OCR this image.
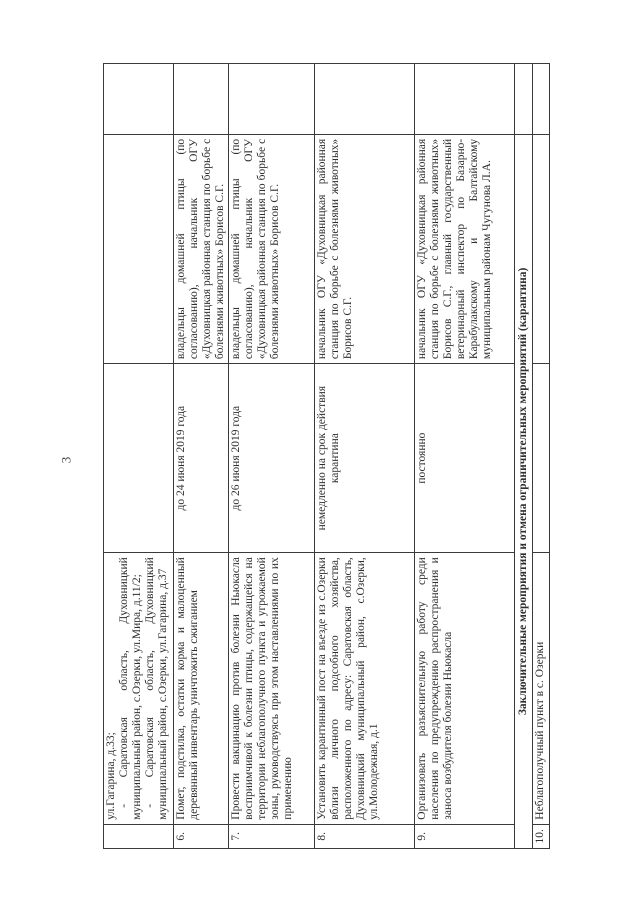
3

	ул.Гагарина, д.33; - Саратовская область, Духовницкий муниципальный район, с.Озерки, ул.Мира, д.11/2; - Саратовская область, Духовницкий муниципальный район, с.Озерки, ул.Гагарина, д.37			

6.	Помет, подстилка, остатки корма и малоценный деревянный инвентарь уничтожить сжиганием	до 24 июня 2019 года	владельцы домашней птицы (по согласованию), начальник ОГУ «Духовницкая районная станция по борьбе с болезнями животных» Борисов С.Г.	
7.	Провести вакцинацию против болезни Ньюкасла восприимчивой к болезни птицы, содержащейся на территории неблагополучного пункта и угрожаемой зоны, руководствуясь при этом наставлениями по их применению	до 26 июня 2019 года	владельцы домашней птицы (по согласованию), начальник ОГУ «Духовницкая районная станция по борьбе с болезнями животных» Борисов С.Г.	
8.	Установить карантинный пост на въезде из с.Озерки вблизи личного подсобного хозяйства, расположенного по адресу: Саратовская область, Духовницкий муниципальный район, с.Озерки, ул.Молодежная, д.1	немедленно на срок действия карантина	начальник ОГУ «Духовницкая районная станция по борьбе с болезнями животных» Борисов С.Г.	
9.	Организовать разъяснительную работу среди населения по предупреждению распространения и заноса возбудителя болезни Ньюкасла	постоянно	начальник ОГУ «Духовницкая районная станция по борьбе с болезнями животных» Борисов С.Г., главный государственный ветеринарный инспектор по Базарно-Карабулакскому и Балтайскому муниципальным районам Чугунова Л.А.	
Заключительные мероприятия и отмена ограничительных мероприятий (карантина)				
10.	Неблагополучный пункт в с. Озерки			
